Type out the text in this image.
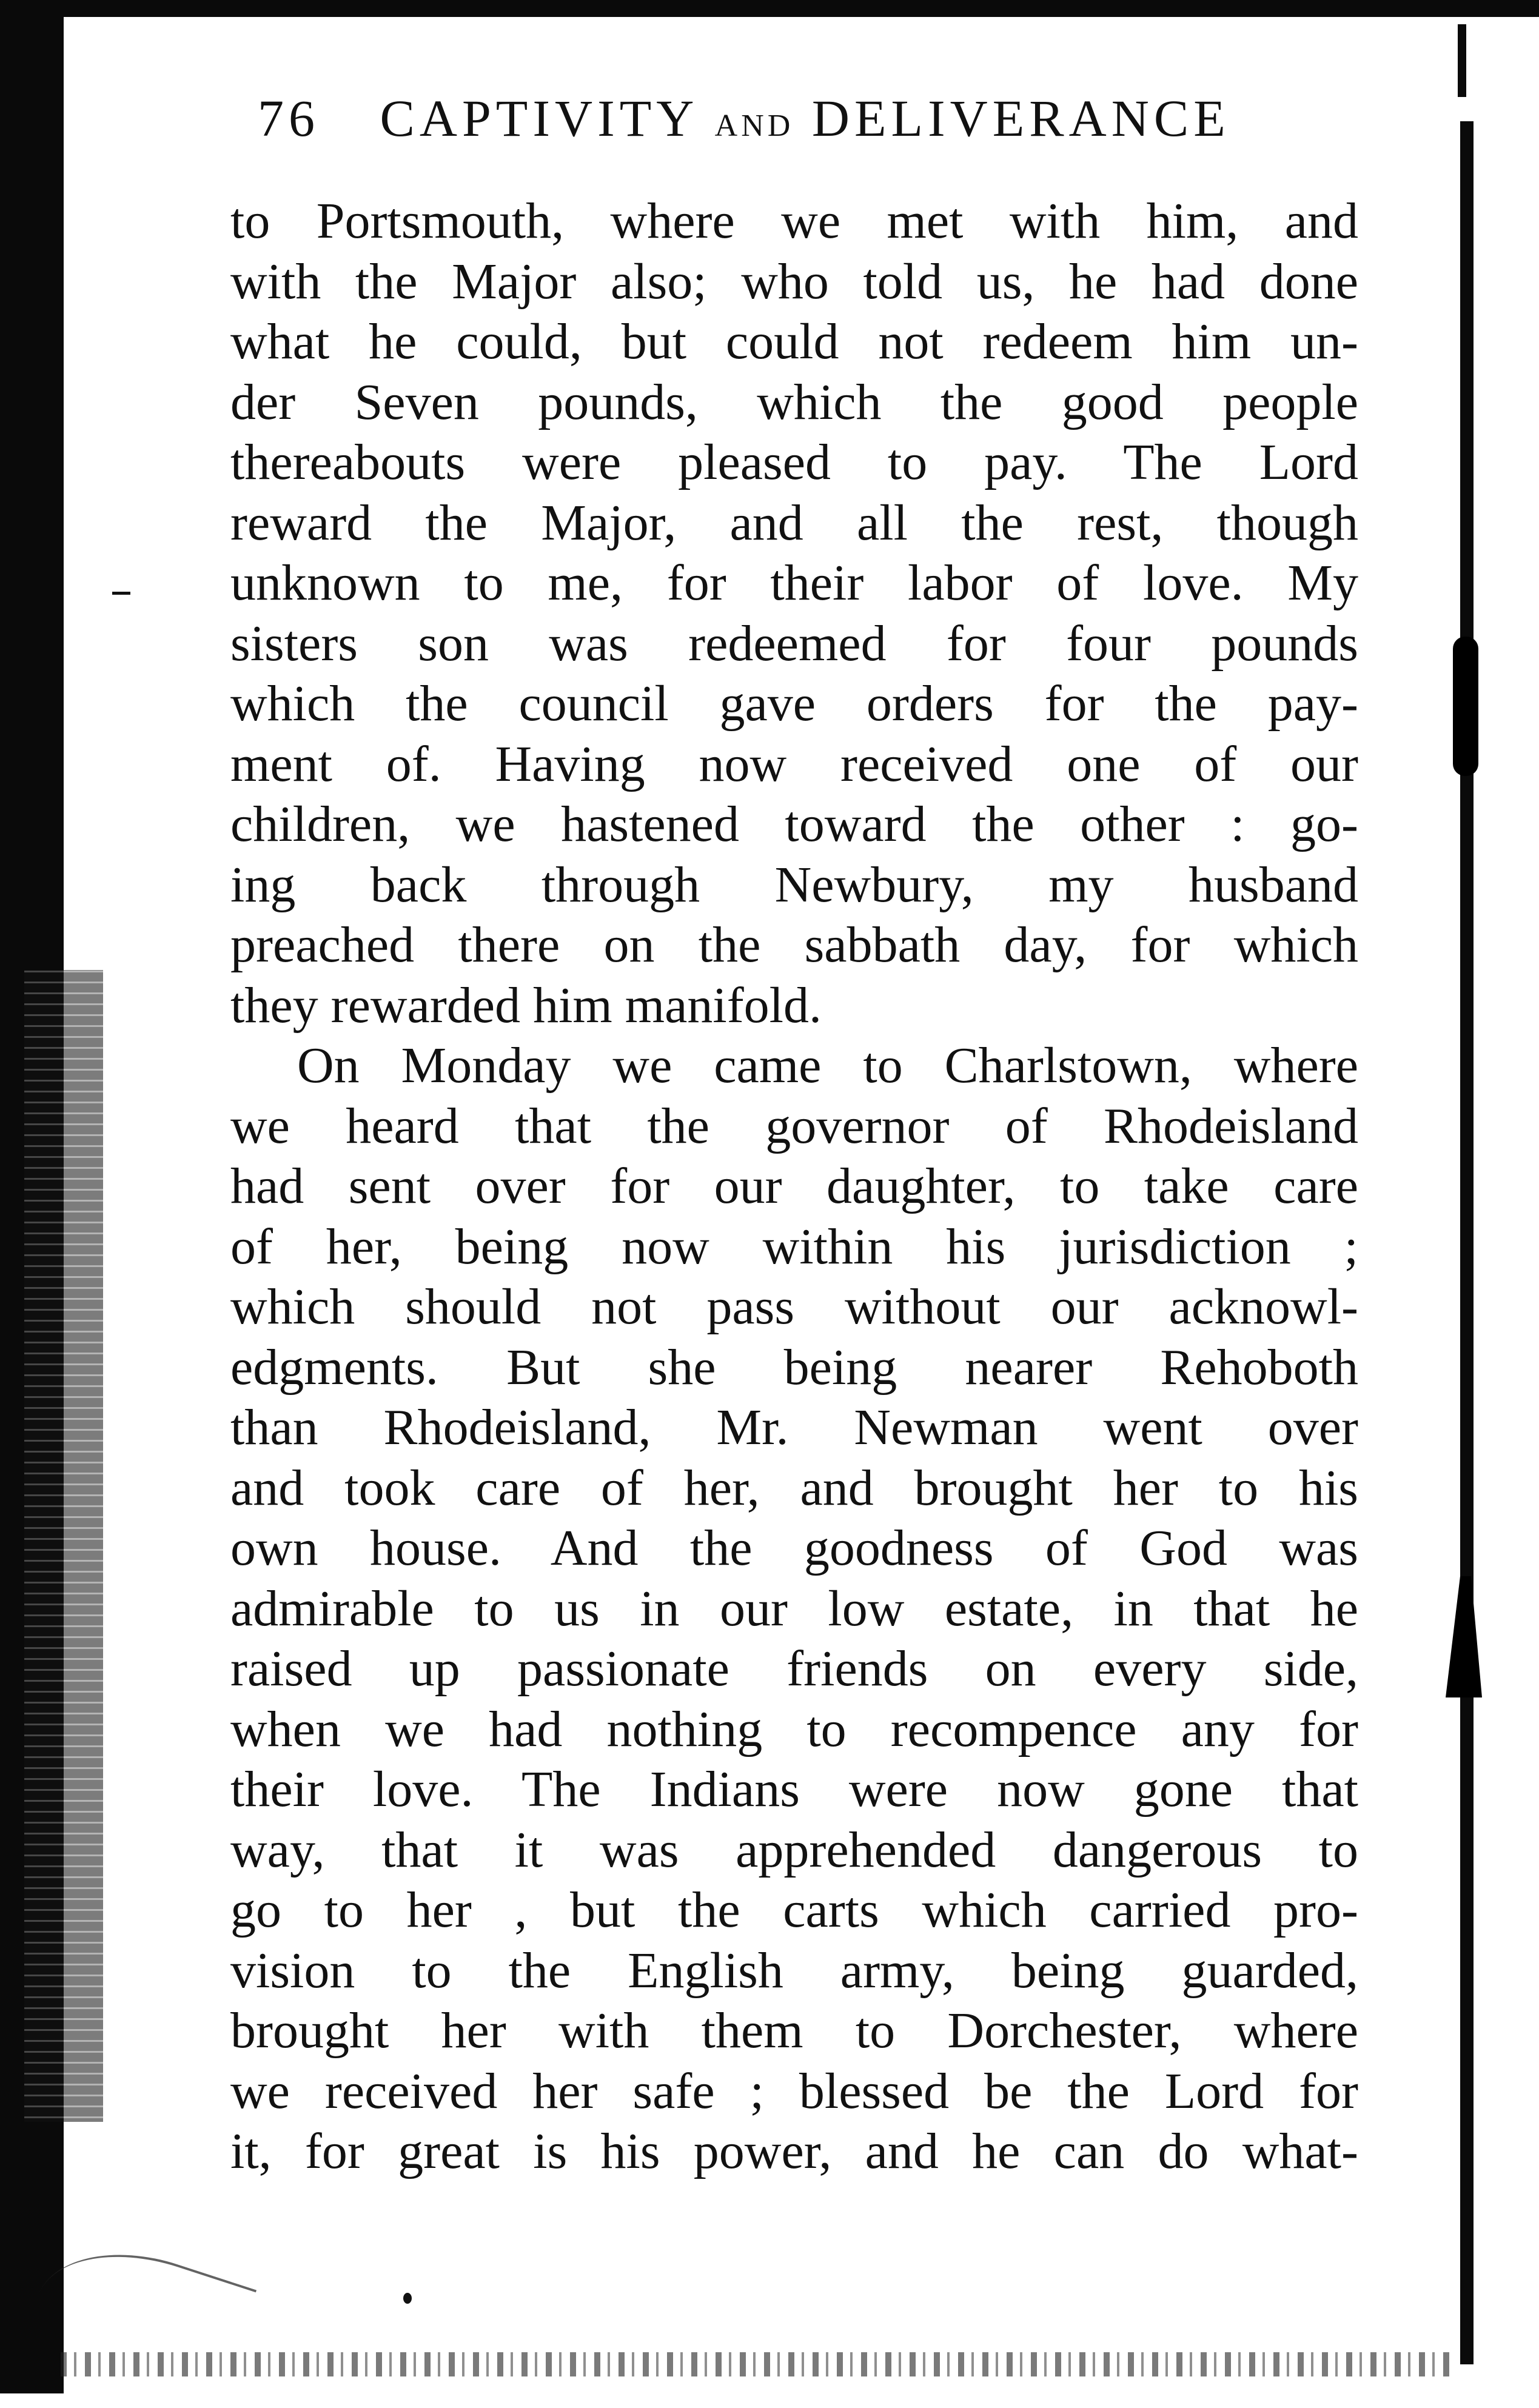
76 CAPTIVITY AND DELIVERANCE
to Portsmouth, where we met with him, and
with the Major also; who told us, he had done
what he could, but could not redeem him un-
der Seven pounds, which the good people
thereabouts were pleased to pay. The Lord
reward the Major, and all the rest, though
unknown to me, for their labor of love. My
sisters son was redeemed for four pounds
which the council gave orders for the pay-
ment of. Having now received one of our
children, we hastened toward the other : go-
ing back through Newbury, my husband
preached there on the sabbath day, for which
they rewarded him manifold.
On Monday we came to Charlstown, where
we heard that the governor of Rhodeisland
had sent over for our daughter, to take care
of her, being now within his jurisdiction ;
which should not pass without our acknowl-
edgments. But she being nearer Rehoboth
than Rhodeisland, Mr. Newman went over
and took care of her, and brought her to his
own house. And the goodness of God was
admirable to us in our low estate, in that he
raised up passionate friends on every side,
when we had nothing to recompence any for
their love. The Indians were now gone that
way, that it was apprehended dangerous to
go to her , but the carts which carried pro-
vision to the English army, being guarded,
brought her with them to Dorchester, where
we received her safe ; blessed be the Lord for
it, for great is his power, and he can do what-
